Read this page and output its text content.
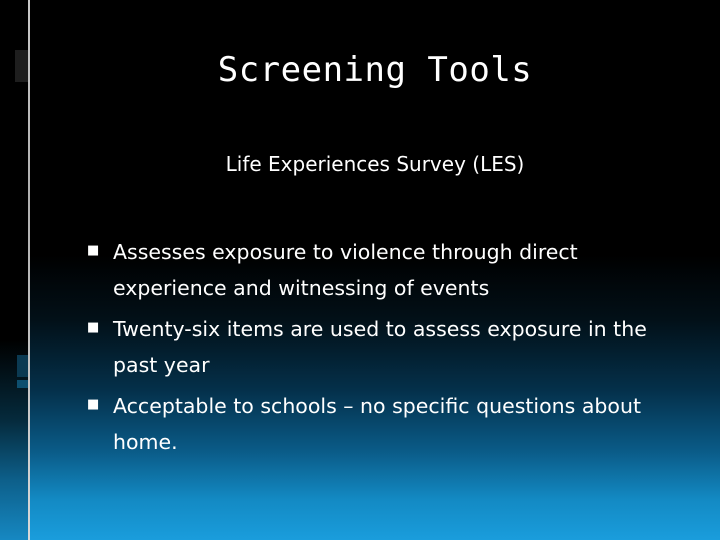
Screening Tools
Life Experiences Survey (LES)
■ Assesses exposure to violence through direct experience and witnessing of events
■ Twenty-six items are used to assess exposure in the past year
■ Acceptable to schools – no specific questions about home.
